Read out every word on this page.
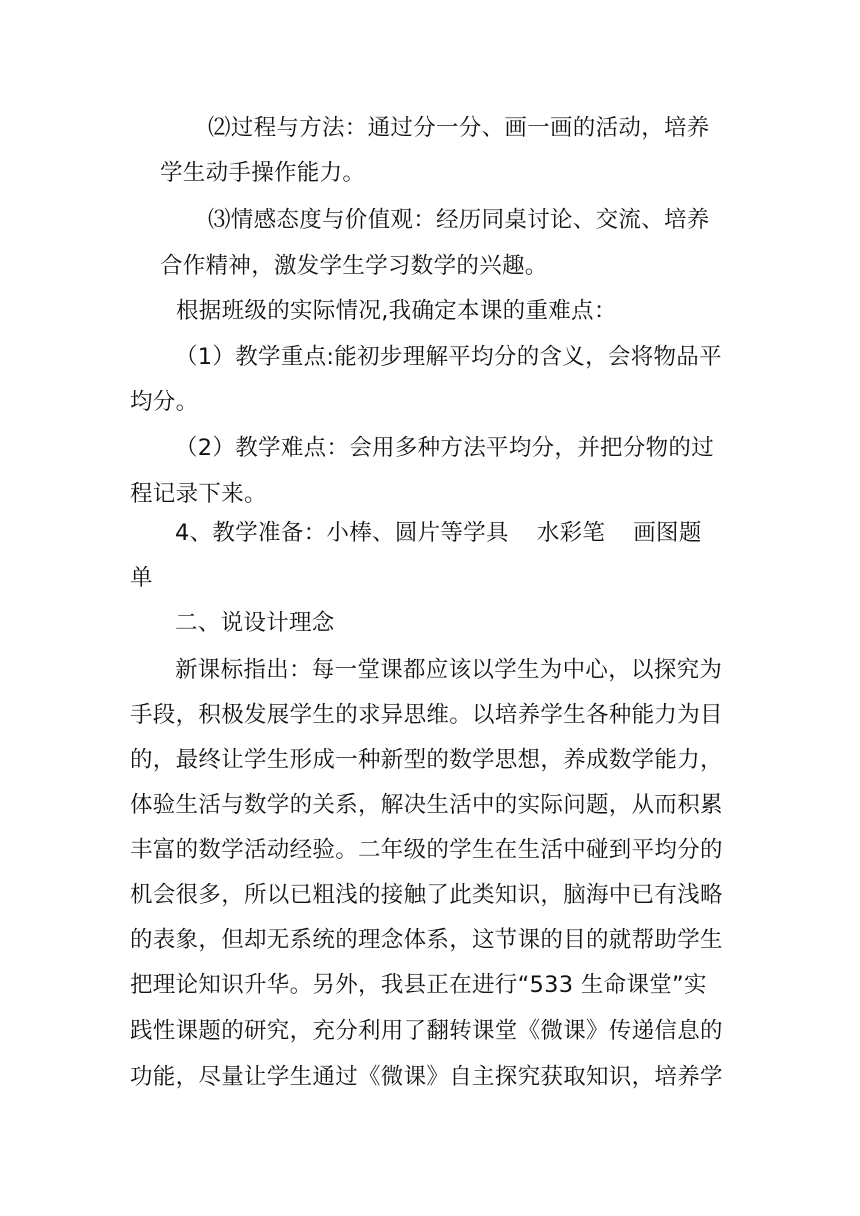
⑵过程与方法：通过分一分、画一画的活动，培养
学生动手操作能力。
⑶情感态度与价值观：经历同桌讨论、交流、培养
合作精神，激发学生学习数学的兴趣。
根据班级的实际情况,我确定本课的重难点：
（1）教学重点:能初步理解平均分的含义，会将物品平
均分。
（2）教学难点：会用多种方法平均分，并把分物的过
程记录下来。
4、教学准备：小棒、圆片等学具 水彩笔 画图题
单
二、说设计理念
新课标指出：每一堂课都应该以学生为中心，以探究为
手段，积极发展学生的求异思维。以培养学生各种能力为目
的，最终让学生形成一种新型的数学思想，养成数学能力，
体验生活与数学的关系，解决生活中的实际问题，从而积累
丰富的数学活动经验。二年级的学生在生活中碰到平均分的
机会很多，所以已粗浅的接触了此类知识，脑海中已有浅略
的表象，但却无系统的理念体系，这节课的目的就帮助学生
把理论知识升华。另外，我县正在进行“533 生命课堂”实
践性课题的研究，充分利用了翻转课堂《微课》传递信息的
功能，尽量让学生通过《微课》自主探究获取知识，培养学
